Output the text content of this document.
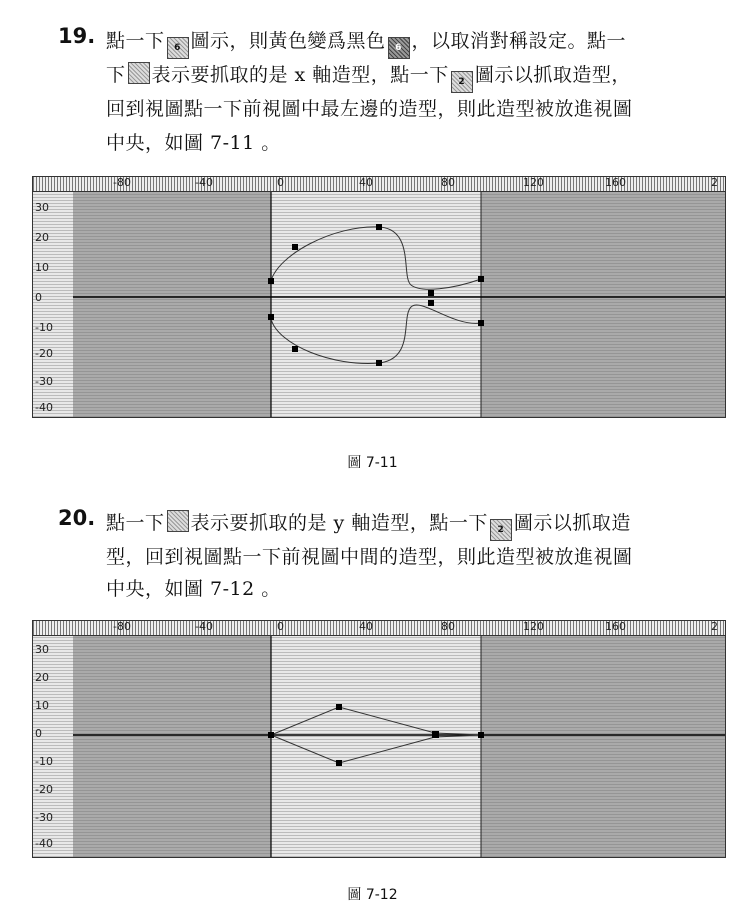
19. 點一下 6 圖示，則黃色變爲黑色 6 ，以取消對稱設定。點一
下 表示要抓取的是 x 軸造型，點一下 2 圖示以抓取造型，
回到視圖點一下前視圖中最左邊的造型，則此造型被放進視圖
中央，如圖 7-11 。
-80	-40	0	40	80	120	160	2
30
20
10
0
-10
-20
-30
-40
圖 7-11
20. 點一下 表示要抓取的是 y 軸造型，點一下 2 圖示以抓取造
型，回到視圖點一下前視圖中間的造型，則此造型被放進視圖
中央，如圖 7-12 。
-80	-40	0	40	80	120	160	2
30
20
10
0
-10
-20
-30
-40
圖 7-12
